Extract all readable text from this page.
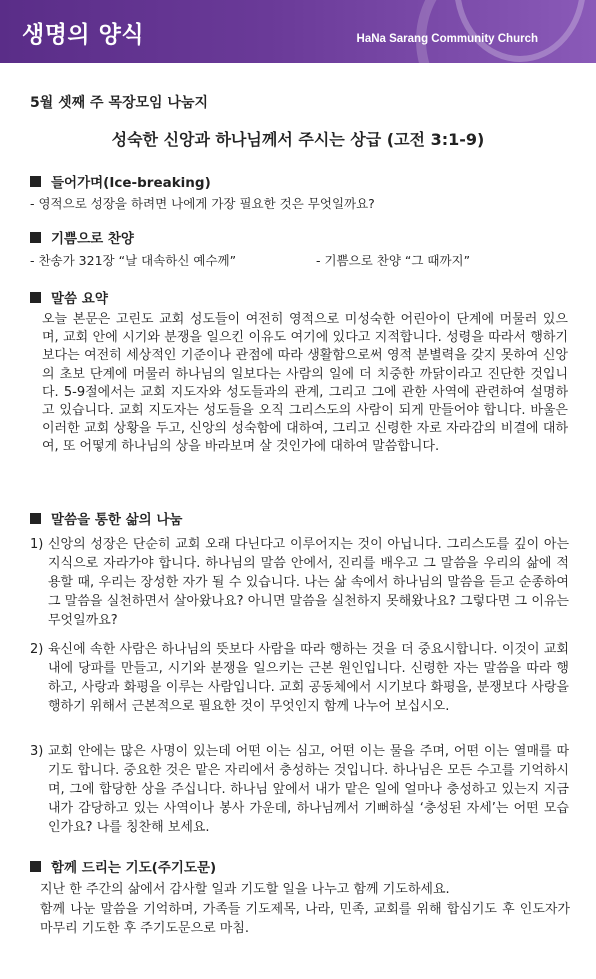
생명의 양식	HaNa Sarang Community Church
5월 셋째 주 목장모임 나눔지
성숙한 신앙과 하나님께서 주시는 상급 (고전 3:1-9)
들어가며(Ice-breaking)
- 영적으로 성장을 하려면 나에게 가장 필요한 것은 무엇일까요?
기쁨으로 찬양
- 찬송가 321장 “날 대속하신 예수께”	- 기쁨으로 찬양 “그 때까지”
말씀 요약
오늘 본문은 고린도 교회 성도들이 여전히 영적으로 미성숙한 어린아이 단계에 머물러 있으며, 교회 안에 시기와 분쟁을 일으킨 이유도 여기에 있다고 지적합니다. 성령을 따라서 행하기보다는 여전히 세상적인 기준이나 관점에 따라 생활함으로써 영적 분별력을 갖지 못하여 신앙의 초보 단계에 머물러 하나님의 일보다는 사람의 일에 더 치중한 까닭이라고 진단한 것입니다. 5-9절에서는 교회 지도자와 성도들과의 관계, 그리고 그에 관한 사역에 관련하여 설명하고 있습니다. 교회 지도자는 성도들을 오직 그리스도의 사람이 되게 만들어야 합니다. 바울은 이러한 교회 상황을 두고, 신앙의 성숙함에 대하여, 그리고 신령한 자로 자라감의 비결에 대하여, 또 어떻게 하나님의 상을 바라보며 살 것인가에 대하여 말씀합니다.
말씀을 통한 삶의 나눔
1) 신앙의 성장은 단순히 교회 오래 다닌다고 이루어지는 것이 아닙니다. 그리스도를 깊이 아는 지식으로 자라가야 합니다. 하나님의 말씀 안에서, 진리를 배우고 그 말씀을 우리의 삶에 적용할 때, 우리는 장성한 자가 될 수 있습니다. 나는 삶 속에서 하나님의 말씀을 듣고 순종하여 그 말씀을 실천하면서 살아왔나요? 아니면 말씀을 실천하지 못해왔나요? 그렇다면 그 이유는 무엇일까요?
2) 육신에 속한 사람은 하나님의 뜻보다 사람을 따라 행하는 것을 더 중요시합니다. 이것이 교회 내에 당파를 만들고, 시기와 분쟁을 일으키는 근본 원인입니다. 신령한 자는 말씀을 따라 행하고, 사랑과 화평을 이루는 사람입니다. 교회 공동체에서 시기보다 화평을, 분쟁보다 사랑을 행하기 위해서 근본적으로 필요한 것이 무엇인지 함께 나누어 보십시오.
3) 교회 안에는 많은 사명이 있는데 어떤 이는 심고, 어떤 이는 물을 주며, 어떤 이는 열매를 따기도 합니다. 중요한 것은 맡은 자리에서 충성하는 것입니다. 하나님은 모든 수고를 기억하시며, 그에 합당한 상을 주십니다. 하나님 앞에서 내가 맡은 일에 얼마나 충성하고 있는지 지금 내가 감당하고 있는 사역이나 봉사 가운데, 하나님께서 기뻐하실 ‘충성된 자세’는 어떤 모습인가요? 나를 칭찬해 보세요.
함께 드리는 기도(주기도문)
지난 한 주간의 삶에서 감사할 일과 기도할 일을 나누고 함께 기도하세요.
함께 나눈 말씀을 기억하며, 가족들 기도제목, 나라, 민족, 교회를 위해 합심기도 후 인도자가 마무리 기도한 후 주기도문으로 마침.
